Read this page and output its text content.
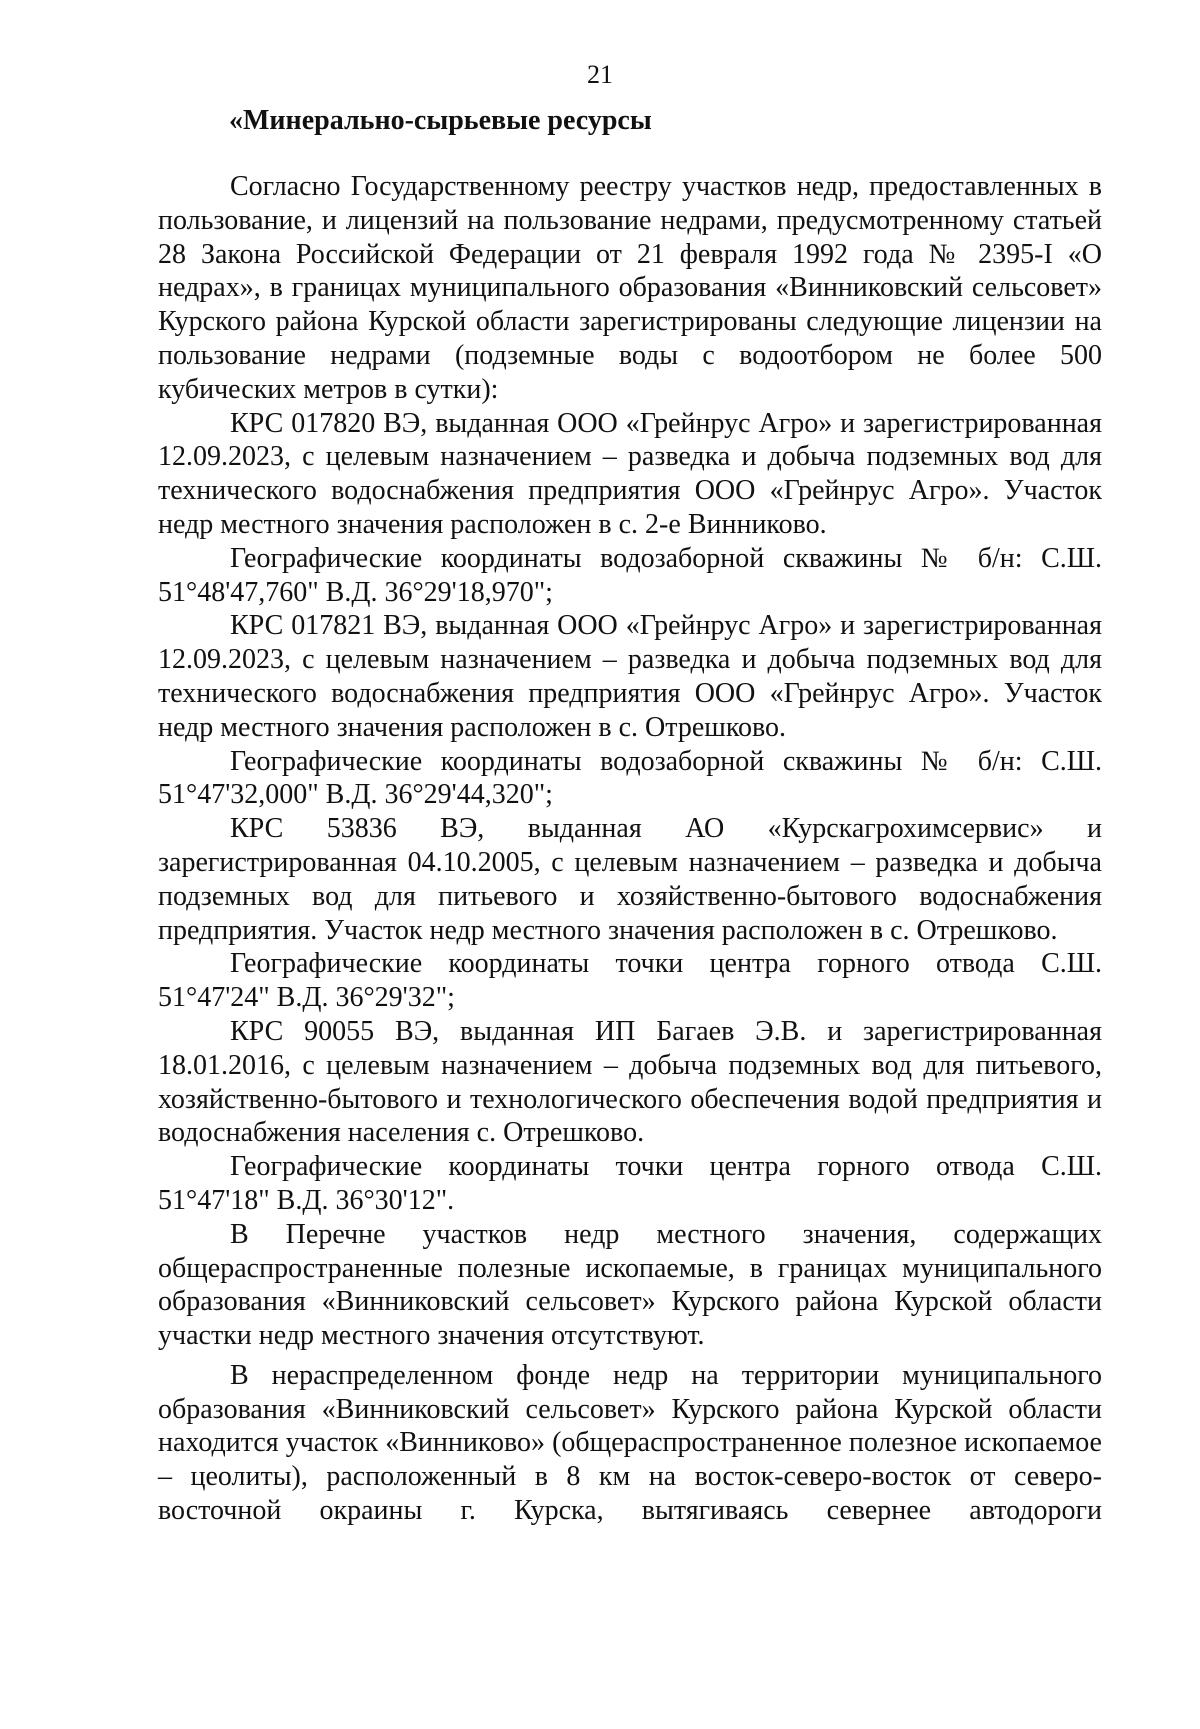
21
«Минерально-сырьевые ресурсы

Согласно Государственному реестру участков недр, предоставленных в пользование, и лицензий на пользование недрами, предусмотренному статьей 28 Закона Российской Федерации от 21 февраля 1992 года № 2395-I «О недрах», в границах муниципального образования «Винниковский сельсовет» Курского района Курской области зарегистрированы следующие лицензии на пользование недрами (подземные воды с водоотбором не более 500 кубических метров в сутки):

КРС 017820 ВЭ, выданная ООО «Грейнрус Агро» и зарегистрированная 12.09.2023, с целевым назначением – разведка и добыча подземных вод для технического водоснабжения предприятия ООО «Грейнрус Агро». Участок недр местного значения расположен в с. 2-е Винниково.

Географические координаты водозаборной скважины № б/н: С.Ш. 51°48'47,760" В.Д. 36°29'18,970";

КРС 017821 ВЭ, выданная ООО «Грейнрус Агро» и зарегистрированная 12.09.2023, с целевым назначением – разведка и добыча подземных вод для технического водоснабжения предприятия ООО «Грейнрус Агро». Участок недр местного значения расположен в с. Отрешково.

Географические координаты водозаборной скважины № б/н: С.Ш. 51°47'32,000" В.Д. 36°29'44,320";

КРС 53836 ВЭ, выданная АО «Курскагрохимсервис» и зарегистрированная 04.10.2005, с целевым назначением – разведка и добыча подземных вод для питьевого и хозяйственно-бытового водоснабжения предприятия. Участок недр местного значения расположен в с. Отрешково.

Географические координаты точки центра горного отвода С.Ш. 51°47'24" В.Д. 36°29'32";

КРС 90055 ВЭ, выданная ИП Багаев Э.В. и зарегистрированная 18.01.2016, с целевым назначением – добыча подземных вод для питьевого, хозяйственно-бытового и технологического обеспечения водой предприятия и водоснабжения населения с. Отрешково.

Географические координаты точки центра горного отвода С.Ш. 51°47'18" В.Д. 36°30'12".

В Перечне участков недр местного значения, содержащих общераспространенные полезные ископаемые, в границах муниципального образования «Винниковский сельсовет» Курского района Курской области участки недр местного значения отсутствуют.

В нераспределенном фонде недр на территории муниципального образования «Винниковский сельсовет» Курского района Курской области находится участок «Винниково» (общераспространенное полезное ископаемое – цеолиты), расположенный в 8 км на восток-северо-восток от северо-восточной окраины г. Курска, вытягиваясь севернее автодороги
